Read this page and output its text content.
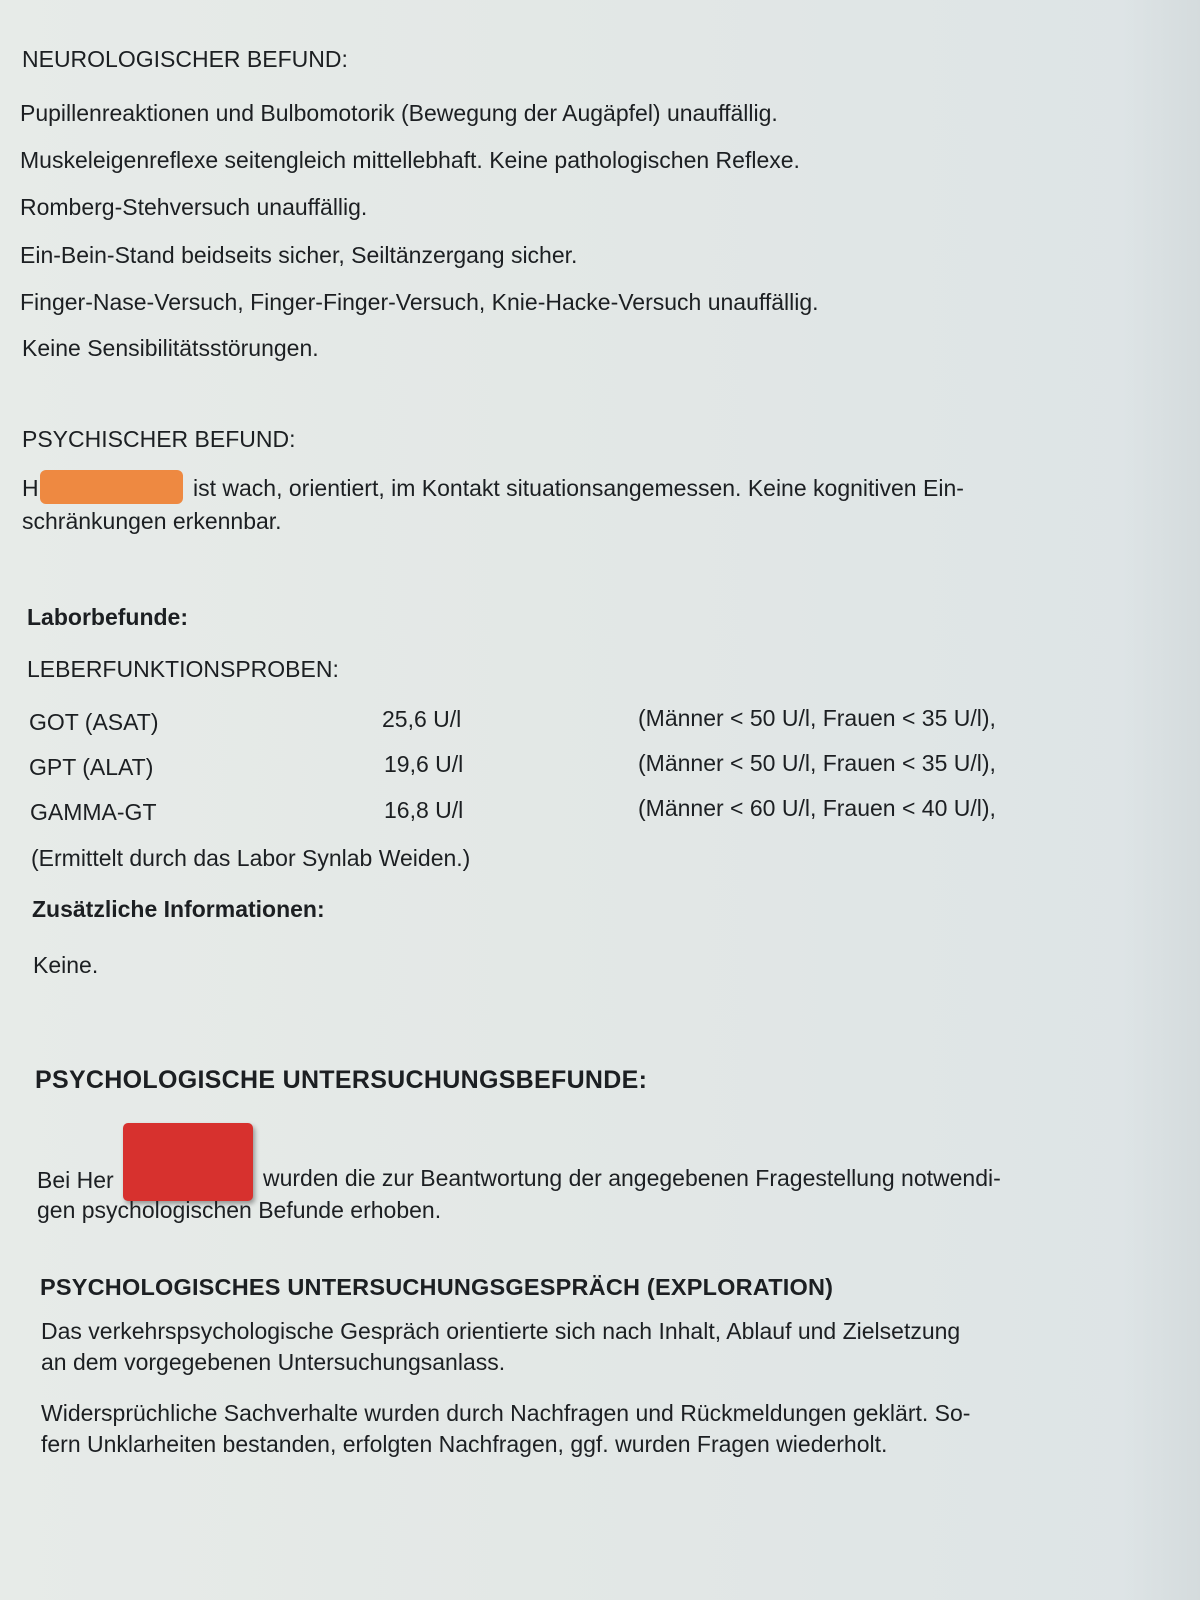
NEUROLOGISCHER BEFUND:
Pupillenreaktionen und Bulbomotorik (Bewegung der Augäpfel) unauffällig.
Muskeleigenreflexe seitengleich mittellebhaft. Keine pathologischen Reflexe.
Romberg-Stehversuch unauffällig.
Ein-Bein-Stand beidseits sicher, Seiltänzergang sicher.
Finger-Nase-Versuch, Finger-Finger-Versuch, Knie-Hacke-Versuch unauffällig.
Keine Sensibilitätsstörungen.
PSYCHISCHER BEFUND:
H	ist wach, orientiert, im Kontakt situationsangemessen. Keine kognitiven Ein-
schränkungen erkennbar.
Laborbefunde:
LEBERFUNKTIONSPROBEN:
GOT (ASAT)	25,6 U/l	(Männer < 50 U/l, Frauen < 35 U/l),
GPT (ALAT)	19,6 U/l	(Männer < 50 U/l, Frauen < 35 U/l),
GAMMA-GT	16,8 U/l	(Männer < 60 U/l, Frauen < 40 U/l),
(Ermittelt durch das Labor Synlab Weiden.)
Zusätzliche Informationen:
Keine.
PSYCHOLOGISCHE UNTERSUCHUNGSBEFUNDE:
Bei Her	wurden die zur Beantwortung der angegebenen Fragestellung notwendi-
gen psychologischen Befunde erhoben.
PSYCHOLOGISCHES UNTERSUCHUNGSGESPRÄCH (EXPLORATION)
Das verkehrspsychologische Gespräch orientierte sich nach Inhalt, Ablauf und Zielsetzung
an dem vorgegebenen Untersuchungsanlass.
Widersprüchliche Sachverhalte wurden durch Nachfragen und Rückmeldungen geklärt. So-
fern Unklarheiten bestanden, erfolgten Nachfragen, ggf. wurden Fragen wiederholt.
